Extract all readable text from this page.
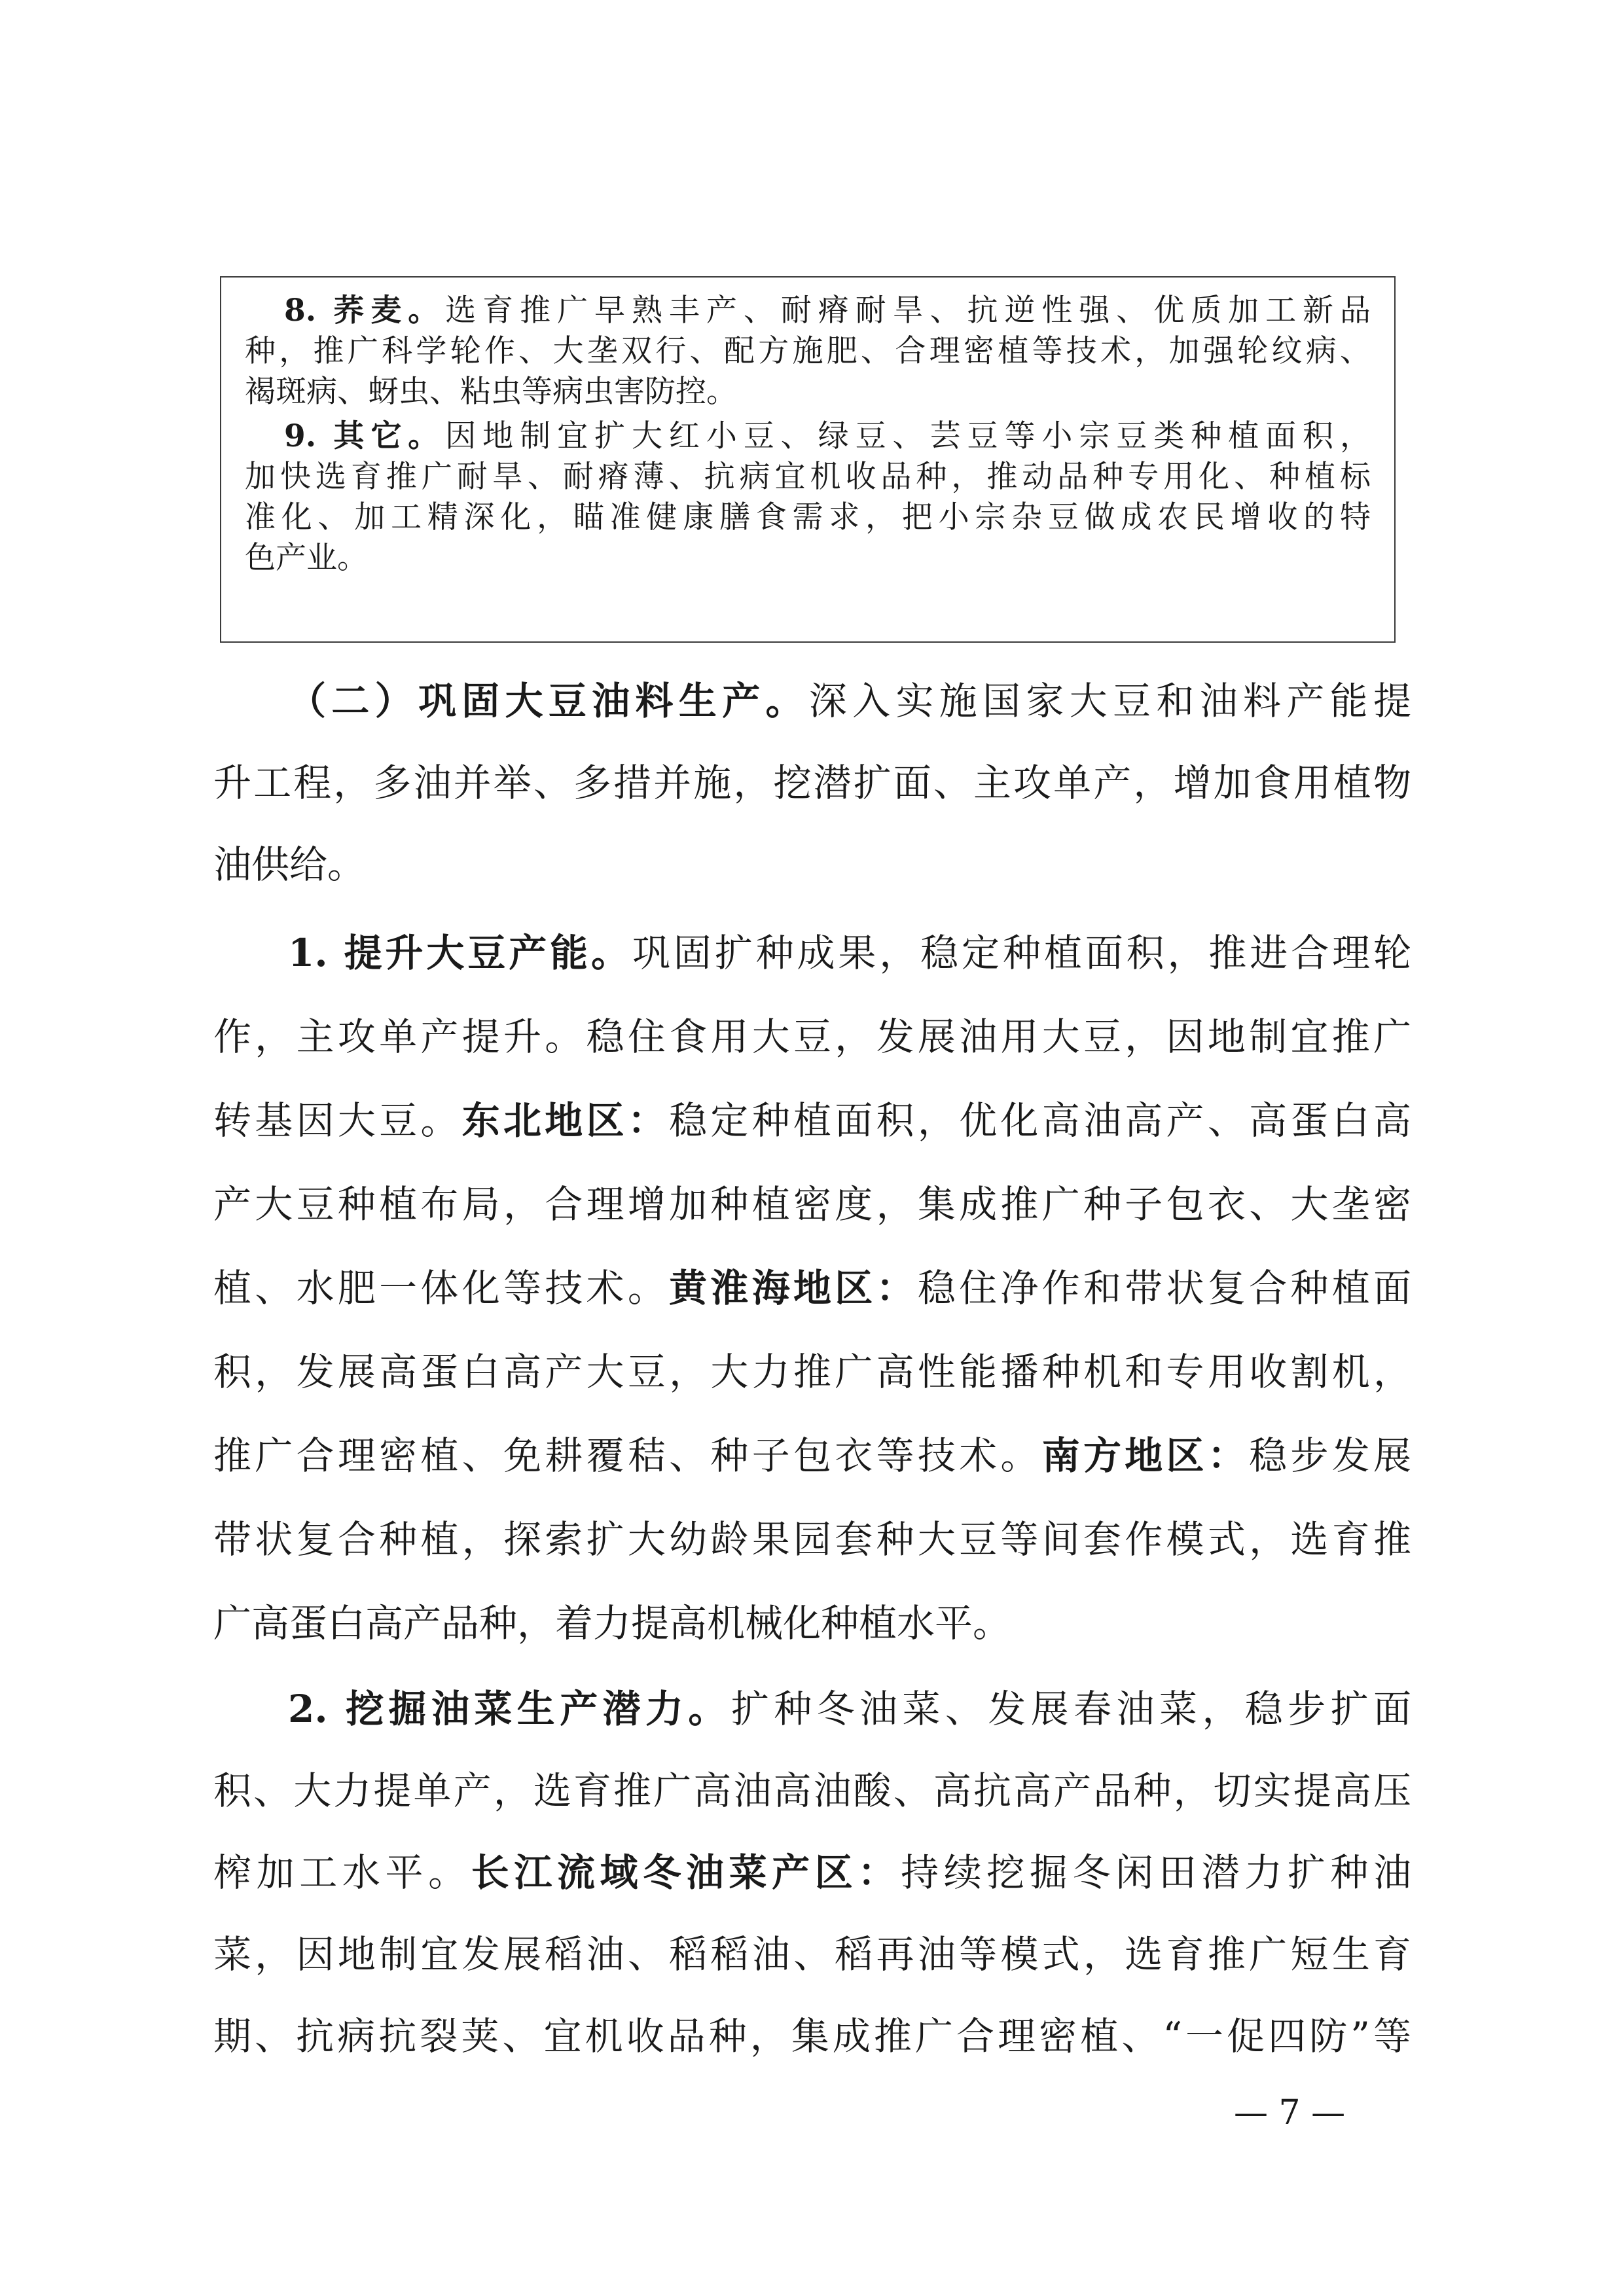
8. 荞麦。选育推广早熟丰产、耐瘠耐旱、抗逆性强、优质加工新品
种，推广科学轮作、大垄双行、配方施肥、合理密植等技术，加强轮纹病、
褐斑病、蚜虫、粘虫等病虫害防控。
9. 其它。因地制宜扩大红小豆、绿豆、芸豆等小宗豆类种植面积，
加快选育推广耐旱、耐瘠薄、抗病宜机收品种，推动品种专用化、种植标
准化、加工精深化，瞄准健康膳食需求，把小宗杂豆做成农民增收的特
色产业。
（二）巩固大豆油料生产。深入实施国家大豆和油料产能提
升工程，多油并举、多措并施，挖潜扩面、主攻单产，增加食用植物
油供给。
1. 提升大豆产能。巩固扩种成果，稳定种植面积，推进合理轮
作，主攻单产提升。稳住食用大豆，发展油用大豆，因地制宜推广
转基因大豆。东北地区：稳定种植面积，优化高油高产、高蛋白高
产大豆种植布局，合理增加种植密度，集成推广种子包衣、大垄密
植、水肥一体化等技术。黄淮海地区：稳住净作和带状复合种植面
积，发展高蛋白高产大豆，大力推广高性能播种机和专用收割机，
推广合理密植、免耕覆秸、种子包衣等技术。南方地区：稳步发展
带状复合种植，探索扩大幼龄果园套种大豆等间套作模式，选育推
广高蛋白高产品种，着力提高机械化种植水平。
2. 挖掘油菜生产潜力。扩种冬油菜、发展春油菜，稳步扩面
积、大力提单产，选育推广高油高油酸、高抗高产品种，切实提高压
榨加工水平。长江流域冬油菜产区：持续挖掘冬闲田潜力扩种油
菜，因地制宜发展稻油、稻稻油、稻再油等模式，选育推广短生育
期、抗病抗裂荚、宜机收品种，集成推广合理密植、“一促四防”等
— 7 —
